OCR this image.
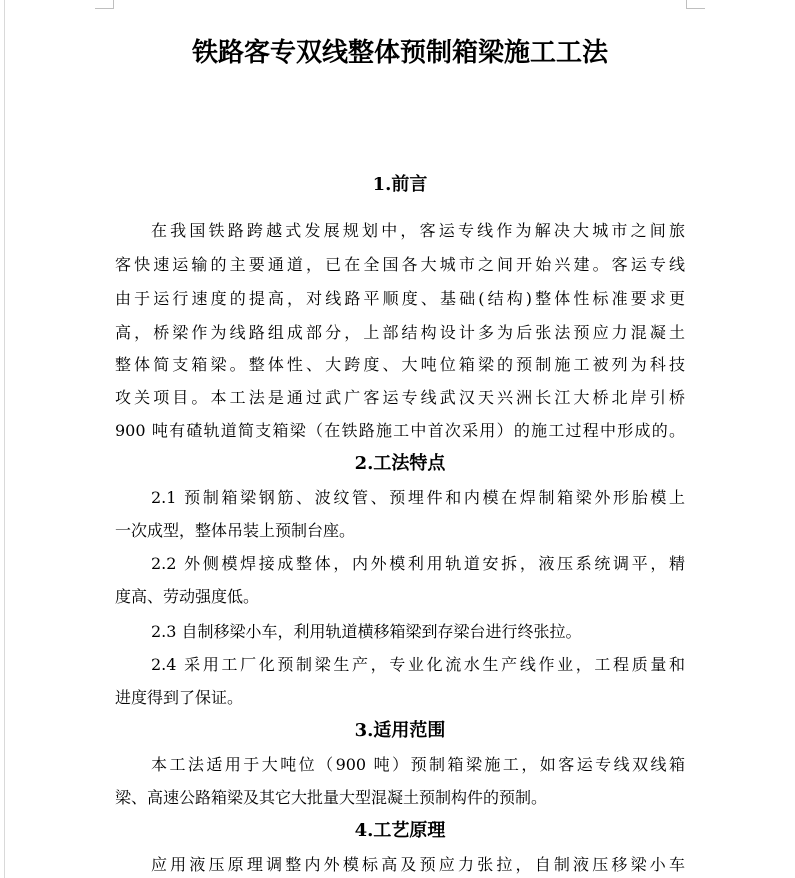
铁路客专双线整体预制箱梁施工工法
1.前言
在我国铁路跨越式发展规划中，客运专线作为解决大城市之间旅
客快速运输的主要通道，已在全国各大城市之间开始兴建。客运专线
由于运行速度的提高，对线路平顺度、基础(结构)整体性标准要求更
高，桥梁作为线路组成部分，上部结构设计多为后张法预应力混凝土
整体简支箱梁。整体性、大跨度、大吨位箱梁的预制施工被列为科技
攻关项目。本工法是通过武广客运专线武汉天兴洲长江大桥北岸引桥
900 吨有碴轨道简支箱梁（在铁路施工中首次采用）的施工过程中形成的。
2.工法特点
2.1 预制箱梁钢筋、波纹管、预埋件和内模在焊制箱梁外形胎模上
一次成型，整体吊装上预制台座。
2.2 外侧模焊接成整体，内外模利用轨道安拆，液压系统调平，精
度高、劳动强度低。
2.3 自制移梁小车，利用轨道横移箱梁到存梁台进行终张拉。
2.4 采用工厂化预制梁生产，专业化流水生产线作业，工程质量和
进度得到了保证。
3.适用范围
本工法适用于大吨位（900 吨）预制箱梁施工，如客运专线双线箱
梁、高速公路箱梁及其它大批量大型混凝土预制构件的预制。
4.工艺原理
应用液压原理调整内外模标高及预应力张拉，自制液压移梁小车
